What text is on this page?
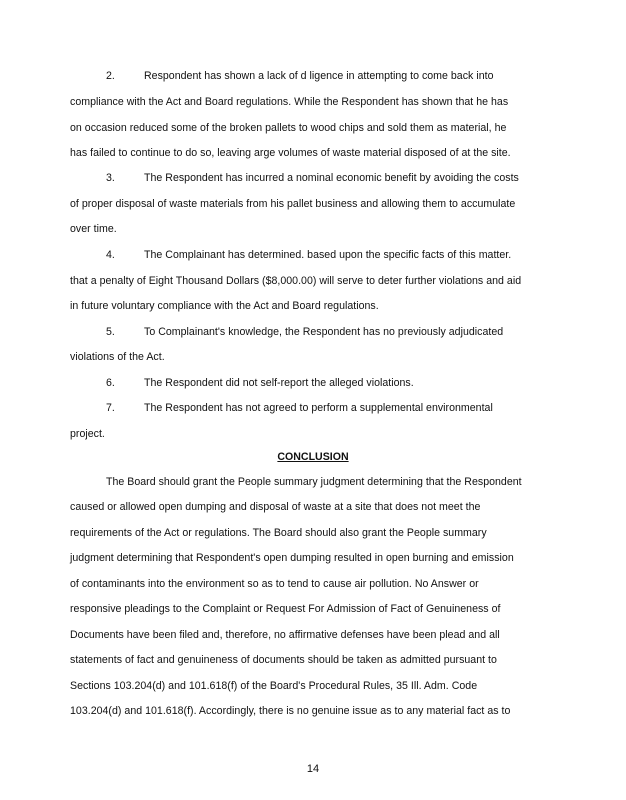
2.	Respondent has shown a lack of d ligence in attempting to come back into
compliance with the Act and Board regulations. While the Respondent has shown that he has
on occasion reduced some of the broken pallets to wood chips and sold them as material, he
has failed to continue to do so, leaving arge volumes of waste material disposed of at the site.
3.	The Respondent has incurred a nominal economic benefit by avoiding the costs
of proper disposal of waste materials from his pallet business and allowing them to accumulate
over time.
4.	The Complainant has determined. based upon the specific facts of this matter.
that a penalty of Eight Thousand Dollars ($8,000.00) will serve to deter further violations and aid
in future voluntary compliance with the Act and Board regulations.
5.	To Complainant's knowledge, the Respondent has no previously adjudicated
violations of the Act.
6.	The Respondent did not self-report the alleged violations.
7.	The Respondent has not agreed to perform a supplemental environmental
project.
CONCLUSION
The Board should grant the People summary judgment determining that the Respondent
caused or allowed open dumping and disposal of waste at a site that does not meet the
requirements of the Act or regulations. The Board should also grant the People summary
judgment determining that Respondent's open dumping resulted in open burning and emission
of contaminants into the environment so as to tend to cause air pollution. No Answer or
responsive pleadings to the Complaint or Request For Admission of Fact of Genuineness of
Documents have been filed and, therefore, no affirmative defenses have been plead and all
statements of fact and genuineness of documents should be taken as admitted pursuant to
Sections 103.204(d) and 101.618(f) of the Board's Procedural Rules, 35 Ill. Adm. Code
103.204(d) and 101.618(f). Accordingly, there is no genuine issue as to any material fact as to
14
